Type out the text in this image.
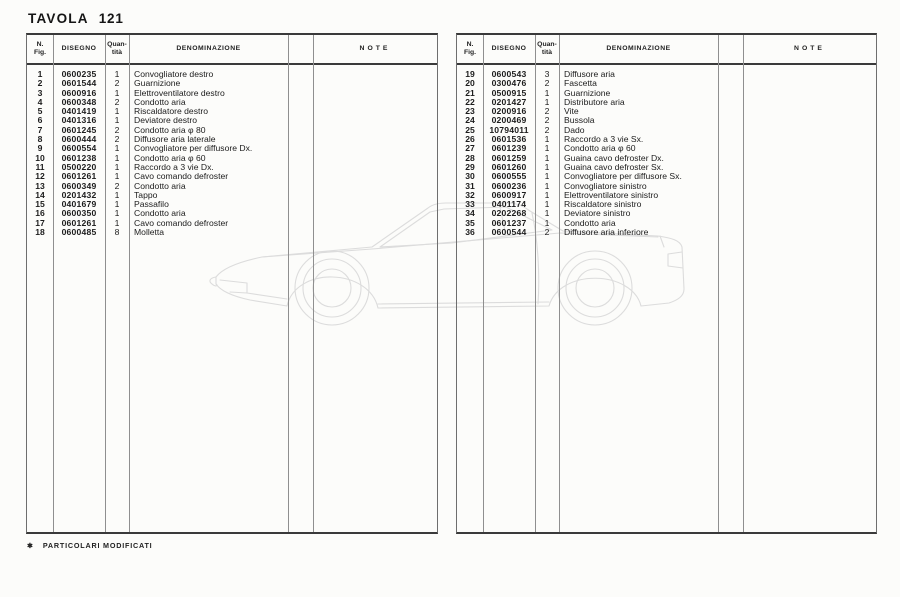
TAVOLA 121
N.
Fig.
DISEGNO
Quan-
tità
DENOMINAZIONE	NOTE
1	0600235	1	Convogliatore destro
2	0601544	2	Guarnizione
3	0600916	1	Elettroventilatore destro
4	0600348	2	Condotto aria
5	0401419	1	Riscaldatore destro
6	0401316	1	Deviatore destro
7	0601245	2	Condotto aria φ 80
8	0600444	2	Diffusore aria laterale
9	0600554	1	Convogliatore per diffusore Dx.
10	0601238	1	Condotto aria φ 60
11	0500220	1	Raccordo a 3 vie Dx.
12	0601261	1	Cavo comando defroster
13	0600349	2	Condotto aria
14	0201432	1	Tappo
15	0401679	1	Passafilo
16	0600350	1	Condotto aria
17	0601261	1	Cavo comando defroster
18	0600485	8	Molletta
N.
Fig.
DISEGNO
Quan-
tità
DENOMINAZIONE	NOTE
19	0600543	3	Diffusore aria
20	0300476	2	Fascetta
21	0500915	1	Guarnizione
22	0201427	1	Distributore aria
23	0200916	2	Vite
24	0200469	2	Bussola
25	10794011	2	Dado
26	0601536	1	Raccordo a 3 vie Sx.
27	0601239	1	Condotto aria φ 60
28	0601259	1	Guaina cavo defroster Dx.
29	0601260	1	Guaina cavo defroster Sx.
30	0600555	1	Convogliatore per diffusore Sx.
31	0600236	1	Convogliatore sinistro
32	0600917	1	Elettroventilatore sinistro
33	0401174	1	Riscaldatore sinistro
34	0202268	1	Deviatore sinistro
35	0601237	1	Condotto aria
36	0600544	2	Diffusore aria inferiore
✱ PARTICOLARI MODIFICATI
